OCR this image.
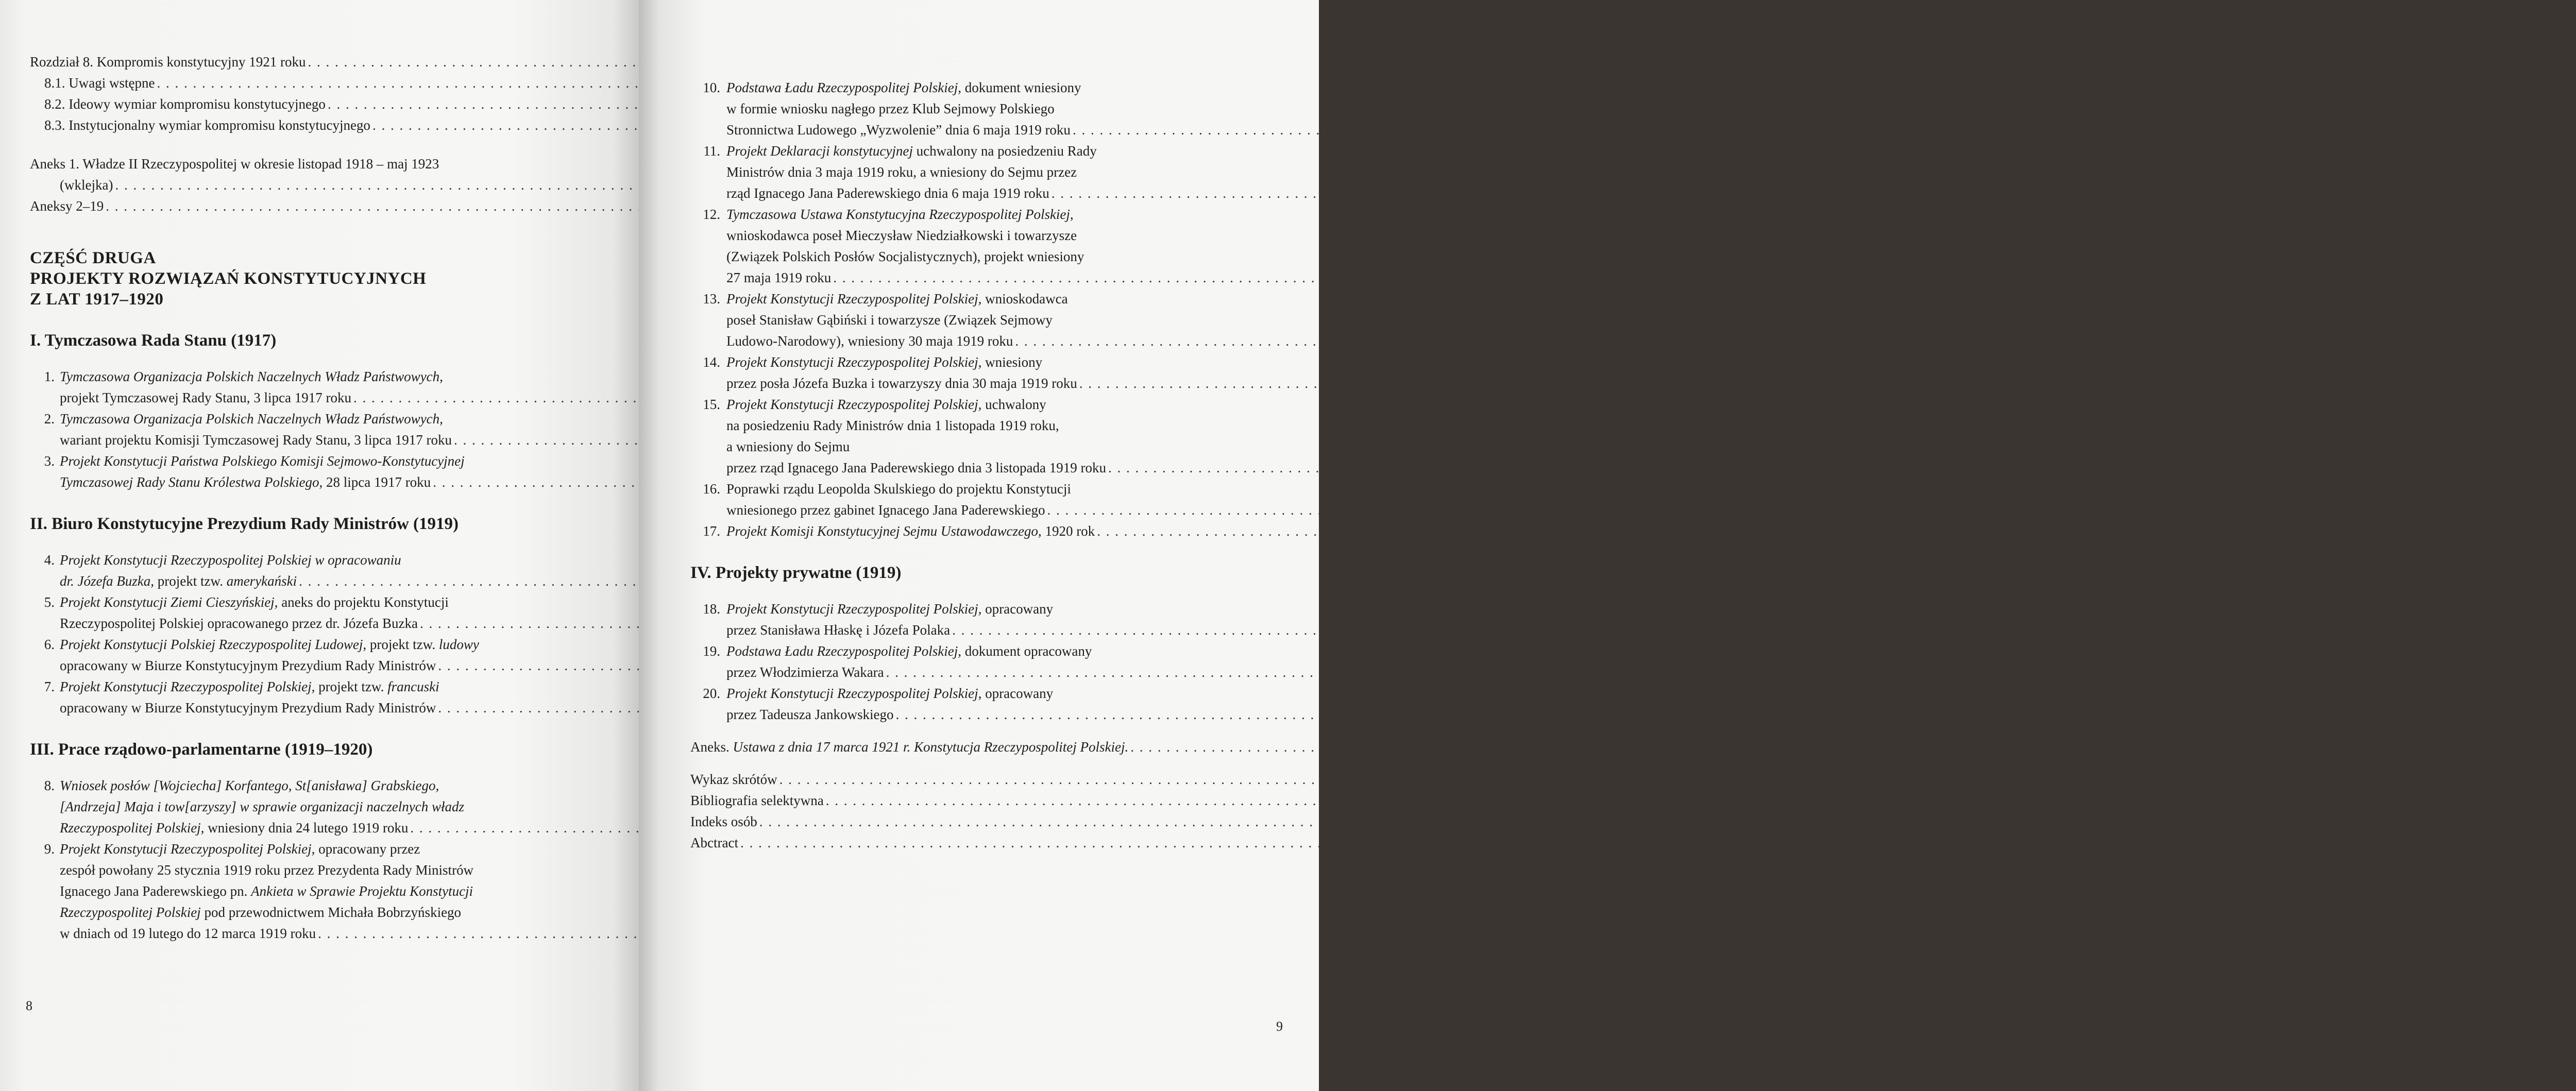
Rozdział 8. Kompromis konstytucyjny 1921 roku
. . .
8.1. Uwagi wstępne
. . .
8.2. Ideowy wymiar kompromisu konstytucyjnego
. . .
8.3. Instytucjonalny wymiar kompromisu konstytucyjnego
. . .
Aneks 1. Władze II Rzeczypospolitej w okresie listopad 1918 – maj 1923
(wklejka)
. . .
Aneksy 2–19
. . .
CZĘŚĆ DRUGA
PROJEKTY ROZWIĄZAŃ KONSTYTUCYJNYCH
Z LAT 1917–1920
I. Tymczasowa Rada Stanu (1917)
1. Tymczasowa Organizacja Polskich Naczelnych Władz Państwowych,
projekt Tymczasowej Rady Stanu, 3 lipca 1917 roku
. . .
2. Tymczasowa Organizacja Polskich Naczelnych Władz Państwowych,
wariant projektu Komisji Tymczasowej Rady Stanu, 3 lipca 1917 roku
. . .
3. Projekt Konstytucji Państwa Polskiego Komisji Sejmowo-Konstytucyjnej
Tymczasowej Rady Stanu Królestwa Polskiego, 28 lipca 1917 roku
. . .
II. Biuro Konstytucyjne Prezydium Rady Ministrów (1919)
4. Projekt Konstytucji Rzeczypospolitej Polskiej w opracowaniu
dr. Józefa Buzka, projekt tzw. amerykański
. . .
5. Projekt Konstytucji Ziemi Cieszyńskiej, aneks do projektu Konstytucji
Rzeczypospolitej Polskiej opracowanego przez dr. Józefa Buzka
. . .
6. Projekt Konstytucji Polskiej Rzeczypospolitej Ludowej, projekt tzw. ludowy
opracowany w Biurze Konstytucyjnym Prezydium Rady Ministrów
. . .
7. Projekt Konstytucji Rzeczypospolitej Polskiej, projekt tzw. francuski
opracowany w Biurze Konstytucyjnym Prezydium Rady Ministrów
. . .
III. Prace rządowo-parlamentarne (1919–1920)
8. Wniosek posłów [Wojciecha] Korfantego, St[anisława] Grabskiego,
[Andrzeja] Maja i tow[arzyszy] w sprawie organizacji naczelnych władz
Rzeczypospolitej Polskiej, wniesiony dnia 24 lutego 1919 roku
. . .
9. Projekt Konstytucji Rzeczypospolitej Polskiej, opracowany przez
zespół powołany 25 stycznia 1919 roku przez Prezydenta Rady Ministrów
Ignacego Jana Paderewskiego pn. Ankieta w Sprawie Projektu Konstytucji
Rzeczypospolitej Polskiej pod przewodnictwem Michała Bobrzyńskiego
w dniach od 19 lutego do 12 marca 1919 roku
. . .
8
10. Podstawa Ładu Rzeczypospolitej Polskiej, dokument wniesiony
w formie wniosku nagłego przez Klub Sejmowy Polskiego
Stronnictwa Ludowego „Wyzwolenie” dnia 6 maja 1919 roku
. . .
11. Projekt Deklaracji konstytucyjnej uchwalony na posiedzeniu Rady
Ministrów dnia 3 maja 1919 roku, a wniesiony do Sejmu przez
rząd Ignacego Jana Paderewskiego dnia 6 maja 1919 roku
. . .
12. Tymczasowa Ustawa Konstytucyjna Rzeczypospolitej Polskiej,
wnioskodawca poseł Mieczysław Niedziałkowski i towarzysze
(Związek Polskich Posłów Socjalistycznych), projekt wniesiony
27 maja 1919 roku
. . .
13. Projekt Konstytucji Rzeczypospolitej Polskiej, wnioskodawca
poseł Stanisław Gąbiński i towarzysze (Związek Sejmowy
Ludowo-Narodowy), wniesiony 30 maja 1919 roku
. . .
14. Projekt Konstytucji Rzeczypospolitej Polskiej, wniesiony
przez posła Józefa Buzka i towarzyszy dnia 30 maja 1919 roku
. . .
15. Projekt Konstytucji Rzeczypospolitej Polskiej, uchwalony
na posiedzeniu Rady Ministrów dnia 1 listopada 1919 roku,
a wniesiony do Sejmu
przez rząd Ignacego Jana Paderewskiego dnia 3 listopada 1919 roku
. . .
16. Poprawki rządu Leopolda Skulskiego do projektu Konstytucji
wniesionego przez gabinet Ignacego Jana Paderewskiego
. . .
17. Projekt Komisji Konstytucyjnej Sejmu Ustawodawczego, 1920 rok
. . .
IV. Projekty prywatne (1919)
18. Projekt Konstytucji Rzeczypospolitej Polskiej, opracowany
przez Stanisława Hłaskę i Józefa Polaka
. . .
19. Podstawa Ładu Rzeczypospolitej Polskiej, dokument opracowany
przez Włodzimierza Wakara
. . .
20. Projekt Konstytucji Rzeczypospolitej Polskiej, opracowany
przez Tadeusza Jankowskiego
. . .
Aneks. Ustawa z dnia 17 marca 1921 r. Konstytucja Rzeczypospolitej Polskiej.
. . .
Wykaz skrótów
. . .
Bibliografia selektywna
. . .
Indeks osób
. . .
Abctract
. . .
9
